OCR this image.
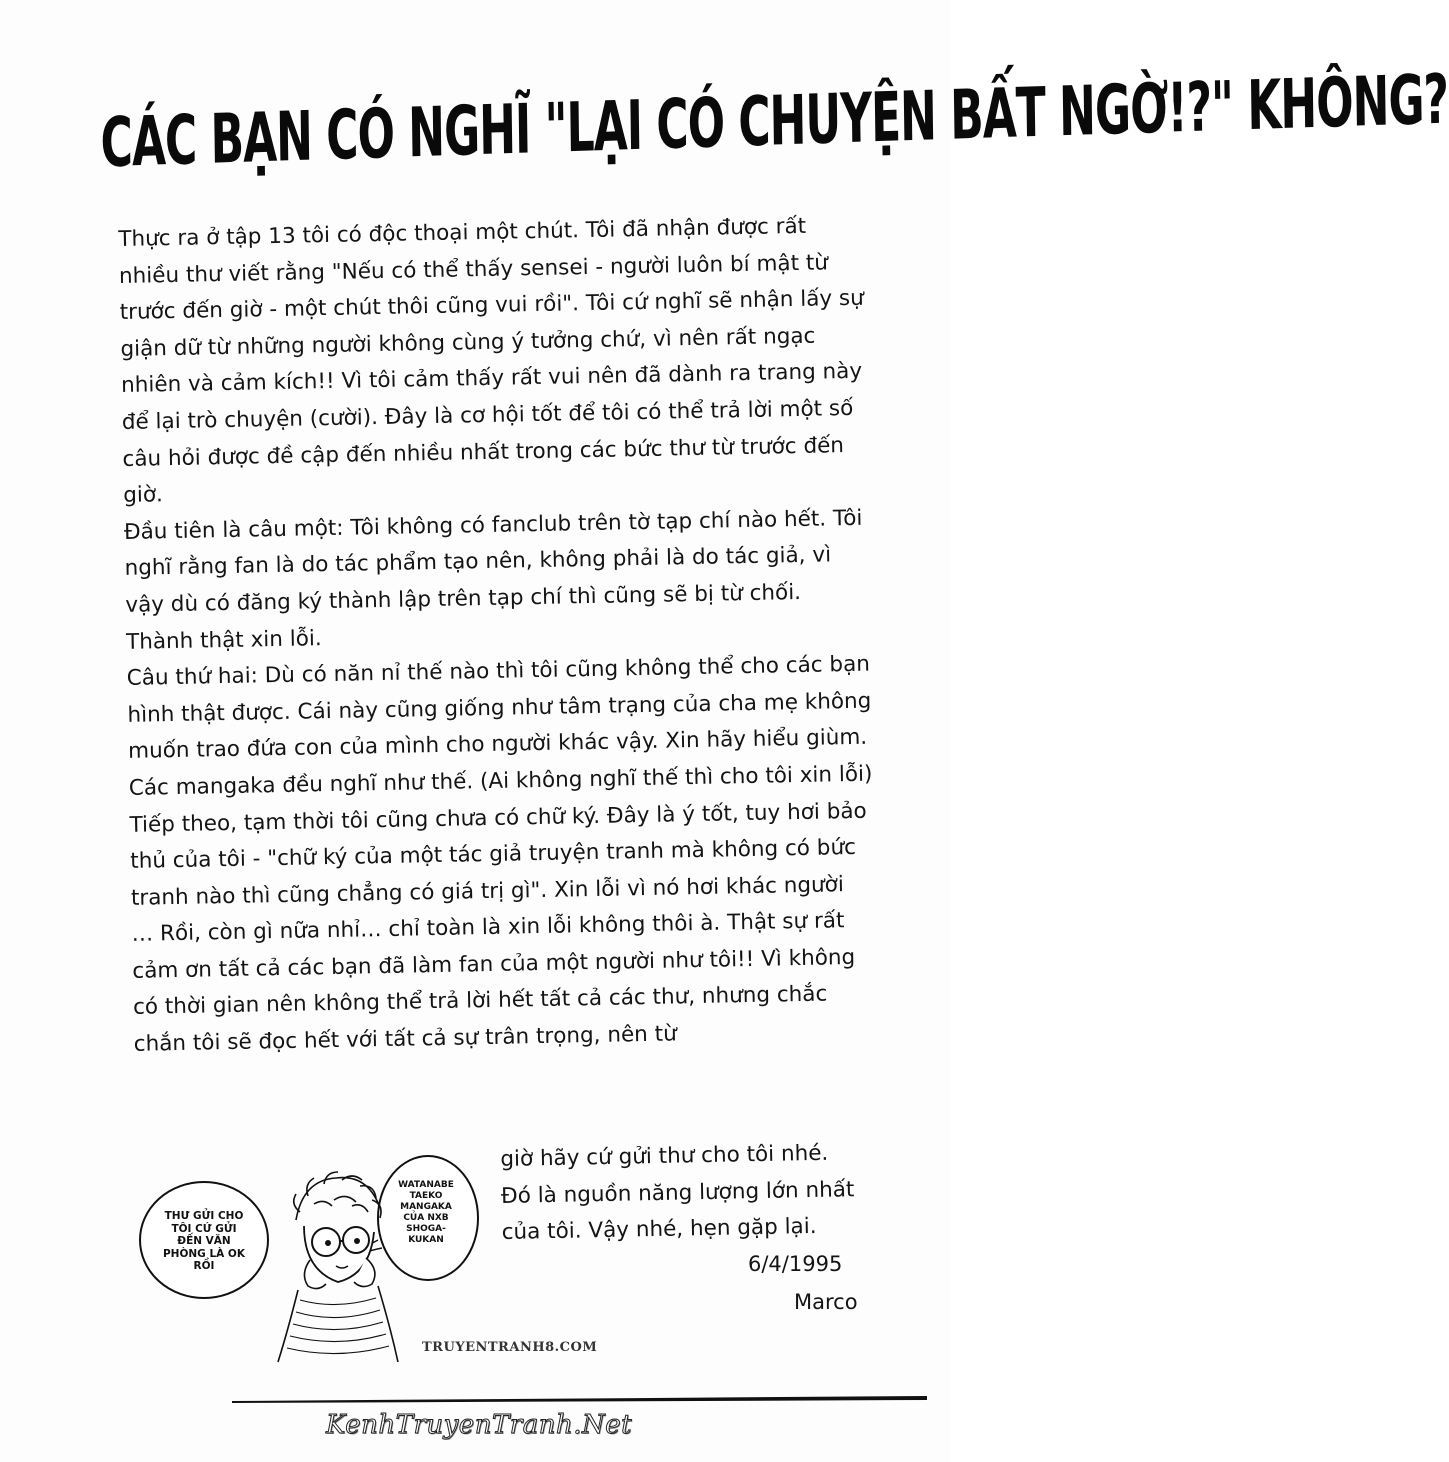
CÁC BẠN CÓ NGHĨ "LẠI CÓ CHUYỆN BẤT NGỜ!?" KHÔNG?

Thực ra ở tập 13 tôi có độc thoại một chút. Tôi đã nhận được rất nhiều thư viết rằng "Nếu có thể thấy sensei - người luôn bí mật từ trước đến giờ - một chút thôi cũng vui rồi". Tôi cứ nghĩ sẽ nhận lấy sự giận dữ từ những người không cùng ý tưởng chứ, vì nên rất ngạc nhiên và cảm kích!! Vì tôi cảm thấy rất vui nên đã dành ra trang này để lại trò chuyện (cười). Đây là cơ hội tốt để tôi có thể trả lời một số câu hỏi được đề cập đến nhiều nhất trong các bức thư từ trước đến giờ.

Đầu tiên là câu một: Tôi không có fanclub trên tờ tạp chí nào hết. Tôi nghĩ rằng fan là do tác phẩm tạo nên, không phải là do tác giả, vì vậy dù có đăng ký thành lập trên tạp chí thì cũng sẽ bị từ chối. Thành thật xin lỗi.

Câu thứ hai: Dù có năn nỉ thế nào thì tôi cũng không thể cho các bạn hình thật được. Cái này cũng giống như tâm trạng của cha mẹ không muốn trao đứa con của mình cho người khác vậy. Xin hãy hiểu giùm. Các mangaka đều nghĩ như thế. (Ai không nghĩ thế thì cho tôi xin lỗi)

Tiếp theo, tạm thời tôi cũng chưa có chữ ký. Đây là ý tốt, tuy hơi bảo thủ của tôi - "chữ ký của một tác giả truyện tranh mà không có bức tranh nào thì cũng chẳng có giá trị gì". Xin lỗi vì nó hơi khác người

… Rồi, còn gì nữa nhỉ… chỉ toàn là xin lỗi không thôi à. Thật sự rất cảm ơn tất cả các bạn đã làm fan của một người như tôi!! Vì không có thời gian nên không thể trả lời hết tất cả các thư, nhưng chắc chắn tôi sẽ đọc hết với tất cả sự trân trọng, nên từ

giờ hãy cứ gửi thư cho tôi nhé.

Đó là nguồn năng lượng lớn nhất

của tôi. Vậy nhé, hẹn gặp lại.

6/4/1995
Marco
THƯ GỬI CHO TÔI CỨ GỬI ĐẾN VĂN PHÒNG LÀ OK RỒI
WATANABE TAEKO MANGAKA CỦA NXB SHOGA-KUKAN
TRUYENTRANH8.COM
KenhTruyenTranh.Net
